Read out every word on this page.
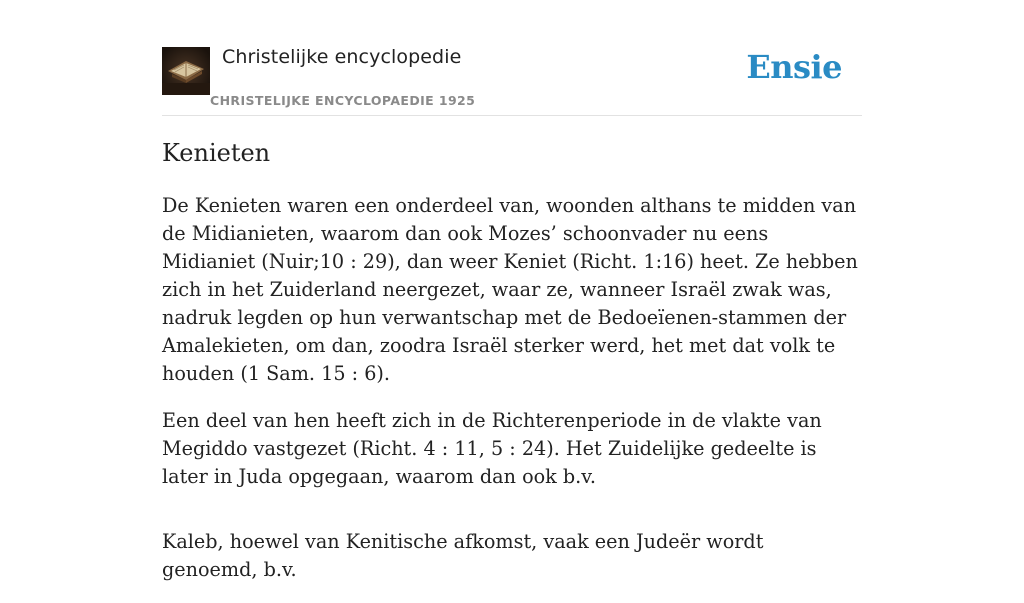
Christelijke encyclopedie
CHRISTELIJKE ENCYCLOPAEDIE 1925
Ensie
Kenieten

De Kenieten waren een onderdeel van, woonden althans te midden van de Midianieten, waarom dan ook Mozes’ schoonvader nu eens Midianiet (Nuir;10 : 29), dan weer Keniet (Richt. 1:16) heet. Ze hebben zich in het Zuiderland neergezet, waar ze, wanneer Israël zwak was, nadruk legden op hun verwantschap met de Bedoeïenen-stammen der Amalekieten, om dan, zoodra Israël sterker werd, het met dat volk te houden (1 Sam. 15 : 6).

Een deel van hen heeft zich in de Richterenperiode in de vlakte van Megiddo vastgezet (Richt. 4 : 11, 5 : 24). Het Zuidelijke gedeelte is later in Juda opgegaan, waarom dan ook b.v.

Kaleb, hoewel van Kenitische afkomst, vaak een Judeër wordt genoemd, b.v.
